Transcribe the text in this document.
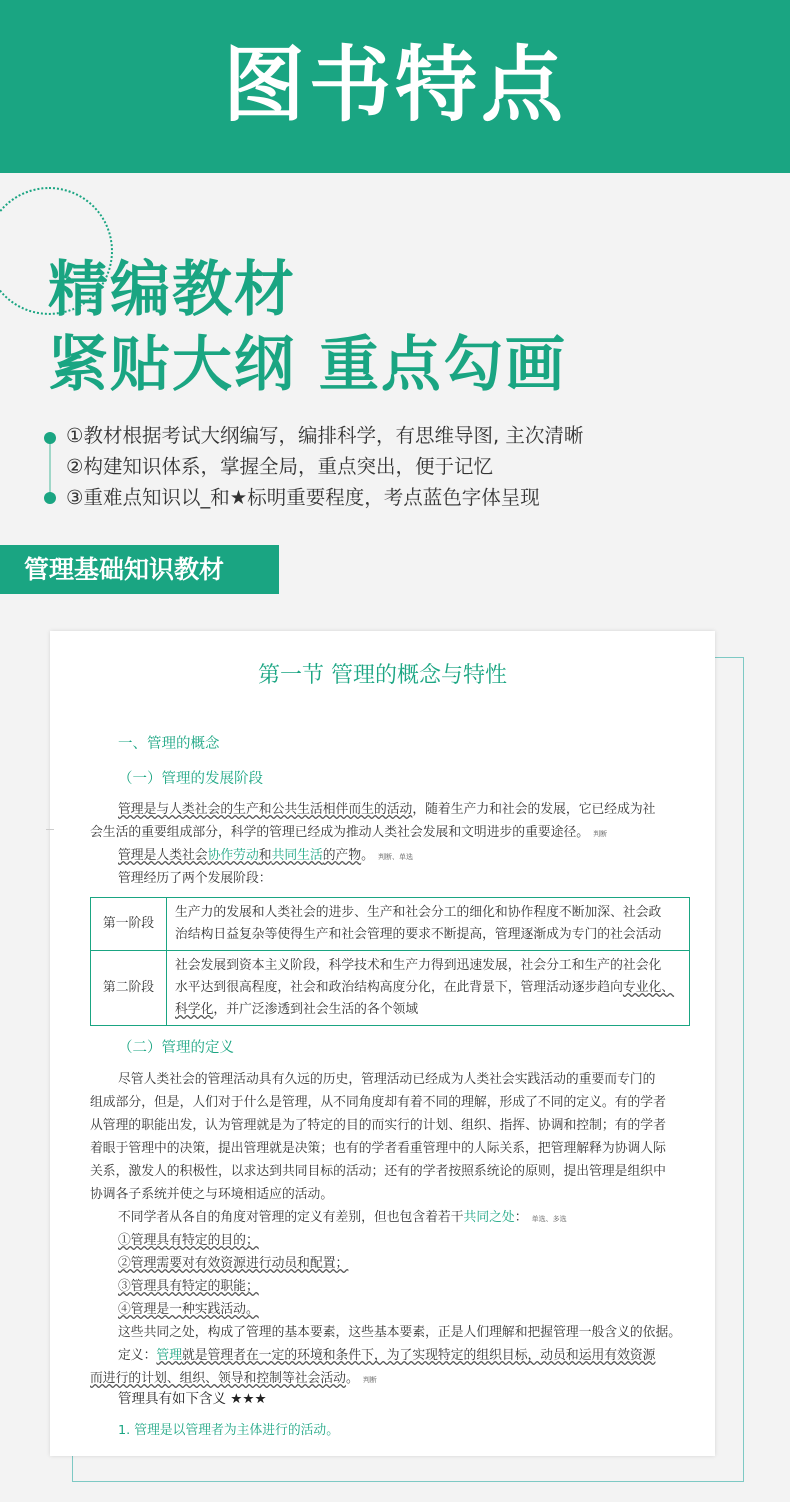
图书特点
精编教材
紧贴大纲 重点勾画
①教材根据考试大纲编写，编排科学，有思维导图, 主次清晰
②构建知识体系，掌握全局，重点突出，便于记忆
③重难点知识以_和★标明重要程度，考点蓝色字体呈现
管理基础知识教材
第一节 管理的概念与特性
一、管理的概念
（一）管理的发展阶段
管理是与人类社会的生产和公共生活相伴而生的活动，随着生产力和社会的发展，它已经成为社
会生活的重要组成部分，科学的管理已经成为推动人类社会发展和文明进步的重要途径。 判断
管理是人类社会协作劳动和共同生活的产物。 判断、单选
管理经历了两个发展阶段：
第一阶段	生产力的发展和人类社会的进步、生产和社会分工的细化和协作程度不断加深、社会政
治结构日益复杂等使得生产和社会管理的要求不断提高，管理逐渐成为专门的社会活动

第二阶段	社会发展到资本主义阶段，科学技术和生产力得到迅速发展，社会分工和生产的社会化
水平达到很高程度，社会和政治结构高度分化，在此背景下，管理活动逐步趋向专业化、
科学化，并广泛渗透到社会生活的各个领域
（二）管理的定义
尽管人类社会的管理活动具有久远的历史，管理活动已经成为人类社会实践活动的重要而专门的
组成部分，但是，人们对于什么是管理，从不同角度却有着不同的理解，形成了不同的定义。有的学者
从管理的职能出发，认为管理就是为了特定的目的而实行的计划、组织、指挥、协调和控制；有的学者
着眼于管理中的决策，提出管理就是决策；也有的学者看重管理中的人际关系，把管理解释为协调人际
关系，激发人的积极性，以求达到共同目标的活动；还有的学者按照系统论的原则，提出管理是组织中
协调各子系统并使之与环境相适应的活动。
不同学者从各自的角度对管理的定义有差别，但也包含着若干共同之处： 单选、多选
①管理具有特定的目的；
②管理需要对有效资源进行动员和配置；
③管理具有特定的职能；
④管理是一种实践活动。
这些共同之处，构成了管理的基本要素，这些基本要素，正是人们理解和把握管理一般含义的依据。
定义：管理就是管理者在一定的环境和条件下，为了实现特定的组织目标，动员和运用有效资源
而进行的计划、组织、领导和控制等社会活动。 判断
管理具有如下含义 ★★★
1. 管理是以管理者为主体进行的活动。
